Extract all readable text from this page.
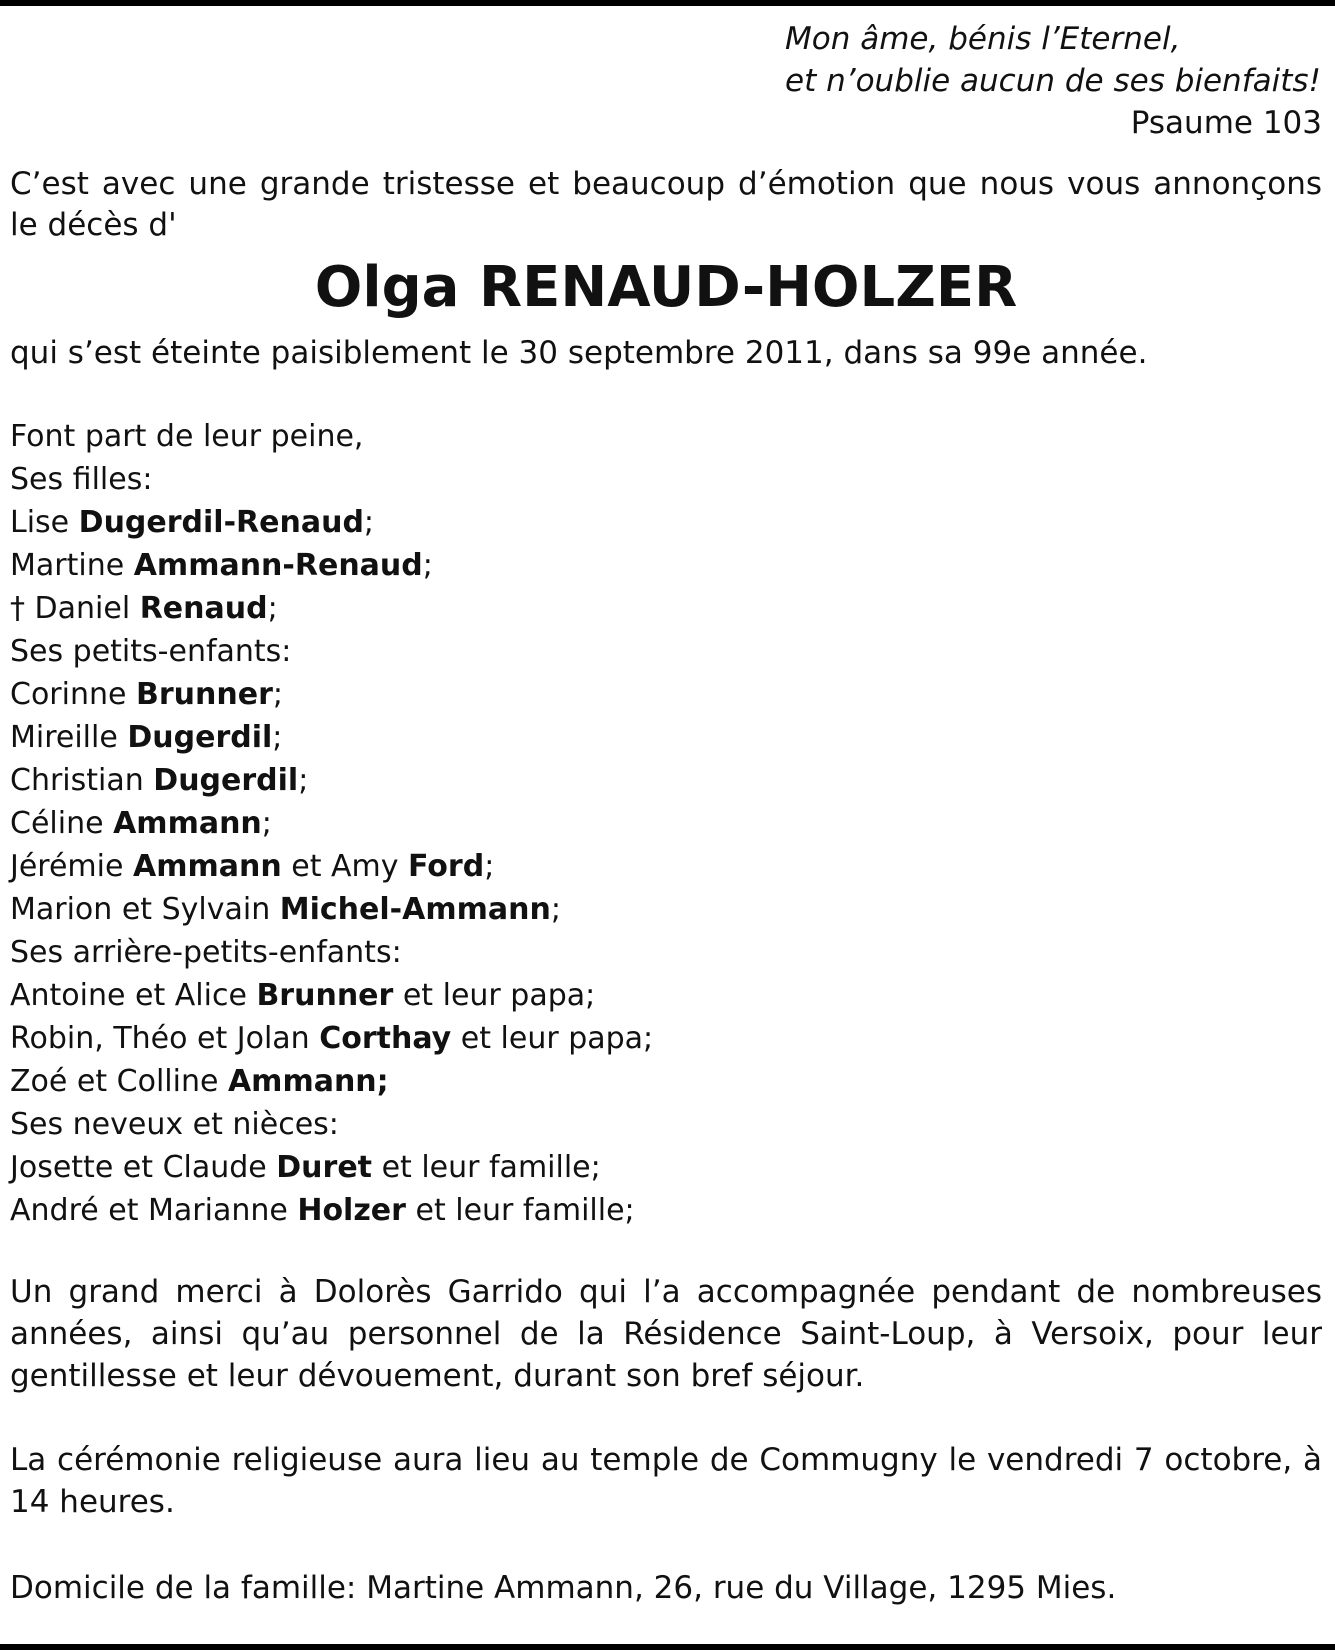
Mon âme, bénis l’Eternel,
et n’oublie aucun de ses bienfaits!
Psaume 103
C’est avec une grande tristesse et beaucoup d’émotion que nous vous annonçons le décès d'
Olga RENAUD-HOLZER
qui s’est éteinte paisiblement le 30 septembre 2011, dans sa 99e année.
Font part de leur peine,
Ses filles:
Lise Dugerdil-Renaud;
Martine Ammann-Renaud;
† Daniel Renaud;
Ses petits-enfants:
Corinne Brunner;
Mireille Dugerdil;
Christian Dugerdil;
Céline Ammann;
Jérémie Ammann et Amy Ford;
Marion et Sylvain Michel-Ammann;
Ses arrière-petits-enfants:
Antoine et Alice Brunner et leur papa;
Robin, Théo et Jolan Corthay et leur papa;
Zoé et Colline Ammann;
Ses neveux et nièces:
Josette et Claude Duret et leur famille;
André et Marianne Holzer et leur famille;
Un grand merci à Dolorès Garrido qui l’a accompagnée pendant de nombreuses années, ainsi qu’au personnel de la Résidence Saint-Loup, à Versoix, pour leur gentillesse et leur dévouement, durant son bref séjour.
La cérémonie religieuse aura lieu au temple de Commugny le vendredi 7 octobre, à 14 heures.
Domicile de la famille: Martine Ammann, 26, rue du Village, 1295 Mies.
